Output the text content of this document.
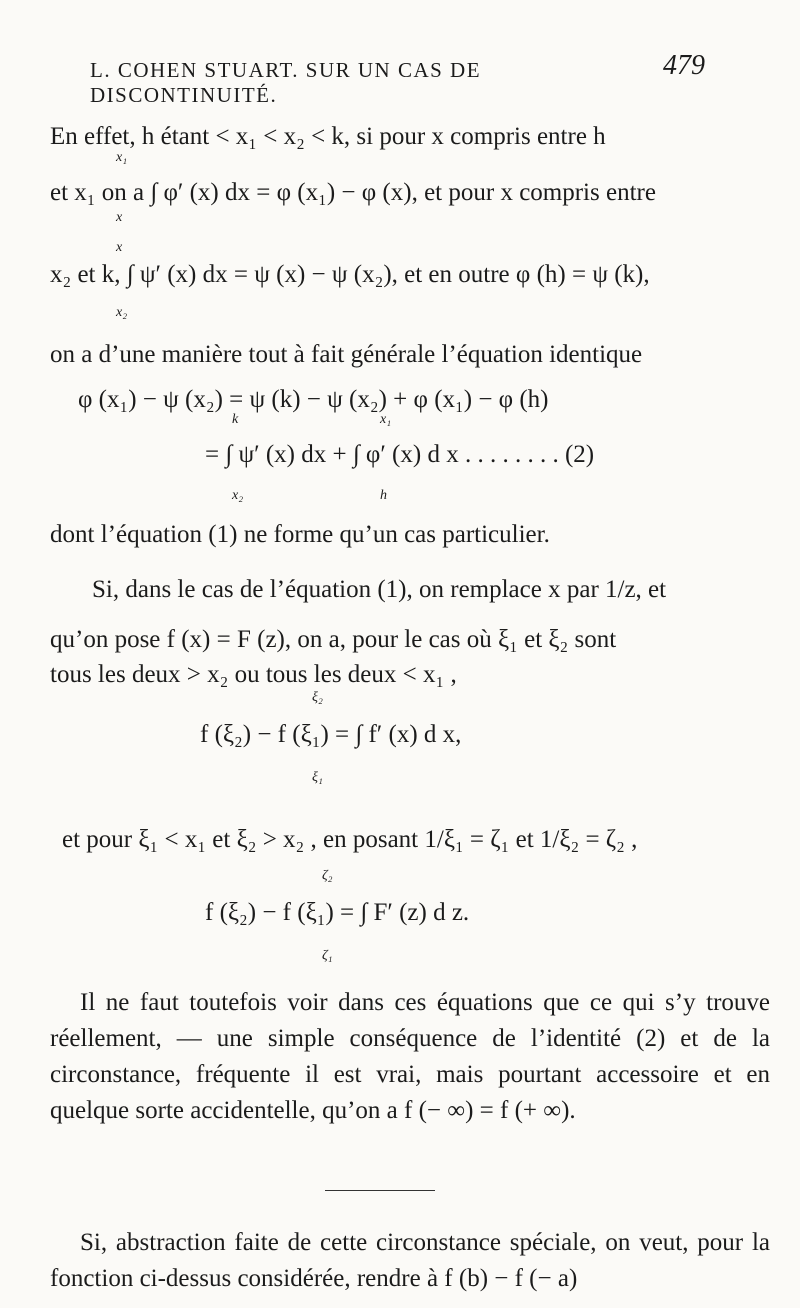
L. COHEN STUART. SUR UN CAS DE DISCONTINUITÉ.
479
En effet, h étant < x₁ < x₂ < k, si pour x compris entre h
et x₁ on a ∫ φ′ (x) dx = φ (x₁) − φ (x), et pour x compris entre
x₁
x
x
x₂ et k, ∫ ψ′ (x) dx = ψ (x) − ψ (x₂), et en outre φ (h) = ψ (k),
x₂
on a d’une manière tout à fait générale l’équation identique
φ (x₁) − ψ (x₂) = ψ (k) − ψ (x₂) + φ (x₁) − φ (h)
k	x₁
= ∫ ψ′ (x) dx + ∫ φ′ (x) d x . . . . . . . . (2)
x₂	h
dont l’équation (1) ne forme qu’un cas particulier.
Si, dans le cas de l’équation (1), on remplace x par 1/z, et
qu’on pose f (x) = F (z), on a, pour le cas où ξ₁ et ξ₂ sont
tous les deux > x₂ ou tous les deux < x₁ ,
ξ₂
f (ξ₂) − f (ξ₁) = ∫ f′ (x) d x,
ξ₁
et pour ξ₁ < x₁ et ξ₂ > x₂ , en posant 1/ξ₁ = ζ₁ et 1/ξ₂ = ζ₂ ,
ζ₂
f (ξ₂) − f (ξ₁) = ∫ F′ (z) d z.
ζ₁
Il ne faut toutefois voir dans ces équations que ce qui s’y trouve réellement, — une simple conséquence de l’identité (2) et de la circonstance, fréquente il est vrai, mais pourtant accessoire et en quelque sorte accidentelle, qu’on a f (− ∞) = f (+ ∞).
Si, abstraction faite de cette circonstance spéciale, on veut, pour la fonction ci-dessus considérée, rendre à f (b) − f (− a)
